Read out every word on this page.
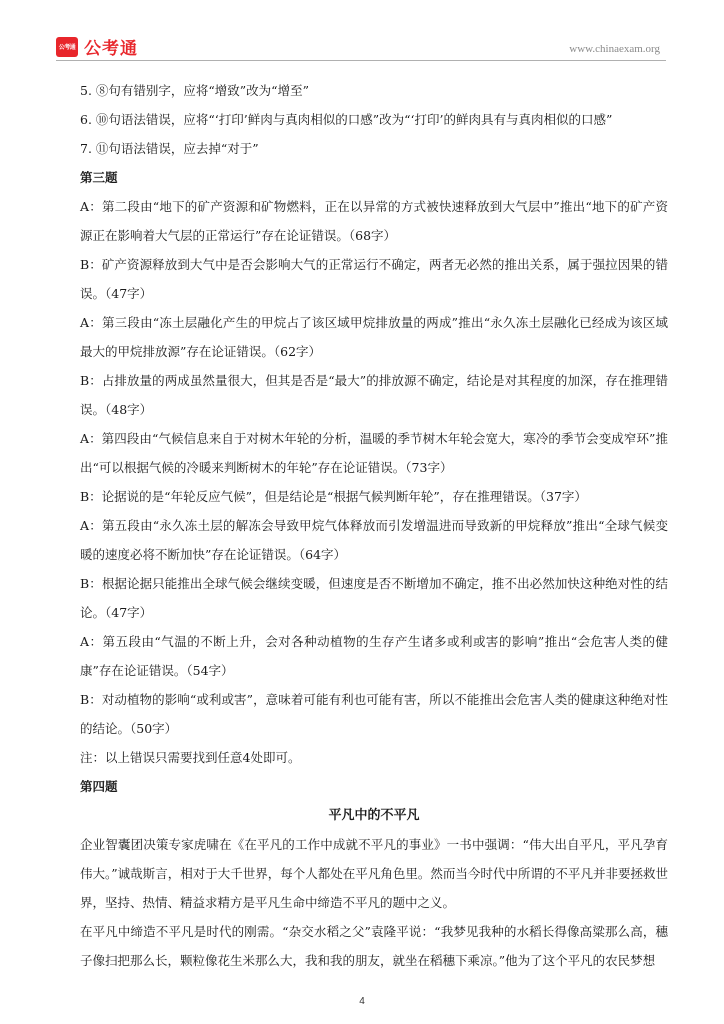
公考通 公考通	www.chinaexam.org

5. ⑧句有错别字，应将“增致”改为“增至”

6. ⑩句语法错误，应将“‘打印’鲜肉与真肉相似的口感”改为“‘打印’的鲜肉具有与真肉相似的口感”

7. ⑪句语法错误，应去掉“对于”

第三题

A：第二段由“地下的矿产资源和矿物燃料，正在以异常的方式被快速释放到大气层中”推出“地下的矿产资源正在影响着大气层的正常运行”存在论证错误。（68字）

B：矿产资源释放到大气中是否会影响大气的正常运行不确定，两者无必然的推出关系，属于强拉因果的错误。（47字）

A：第三段由“冻土层融化产生的甲烷占了该区域甲烷排放量的两成”推出“永久冻土层融化已经成为该区域最大的甲烷排放源”存在论证错误。（62字）

B：占排放量的两成虽然量很大，但其是否是“最大”的排放源不确定，结论是对其程度的加深，存在推理错误。（48字）

A：第四段由“气候信息来自于对树木年轮的分析，温暖的季节树木年轮会宽大，寒冷的季节会变成窄环”推出“可以根据气候的冷暖来判断树木的年轮”存在论证错误。（73字）

B：论据说的是“年轮反应气候”，但是结论是“根据气候判断年轮”，存在推理错误。（37字）

A：第五段由“永久冻土层的解冻会导致甲烷气体释放而引发增温进而导致新的甲烷释放”推出“全球气候变暖的速度必将不断加快”存在论证错误。（64字）

B：根据论据只能推出全球气候会继续变暖，但速度是否不断增加不确定，推不出必然加快这种绝对性的结论。（47字）

A：第五段由“气温的不断上升，会对各种动植物的生存产生诸多或利或害的影响”推出“会危害人类的健康”存在论证错误。（54字）

B：对动植物的影响“或利或害”，意味着可能有利也可能有害，所以不能推出会危害人类的健康这种绝对性的结论。（50字）

注：以上错误只需要找到任意4处即可。

第四题

平凡中的不平凡

企业智囊团决策专家虎啸在《在平凡的工作中成就不平凡的事业》一书中强调：“伟大出自平凡，平凡孕育伟大。”诚哉斯言，相对于大千世界，每个人都处在平凡角色里。然而当今时代中所谓的不平凡并非要拯救世界，坚持、热情、精益求精方是平凡生命中缔造不平凡的题中之义。

在平凡中缔造不平凡是时代的刚需。“杂交水稻之父”袁隆平说：“我梦见我种的水稻长得像高粱那么高，穗子像扫把那么长，颗粒像花生米那么大，我和我的朋友，就坐在稻穗下乘凉。”他为了这个平凡的农民梦想

4
